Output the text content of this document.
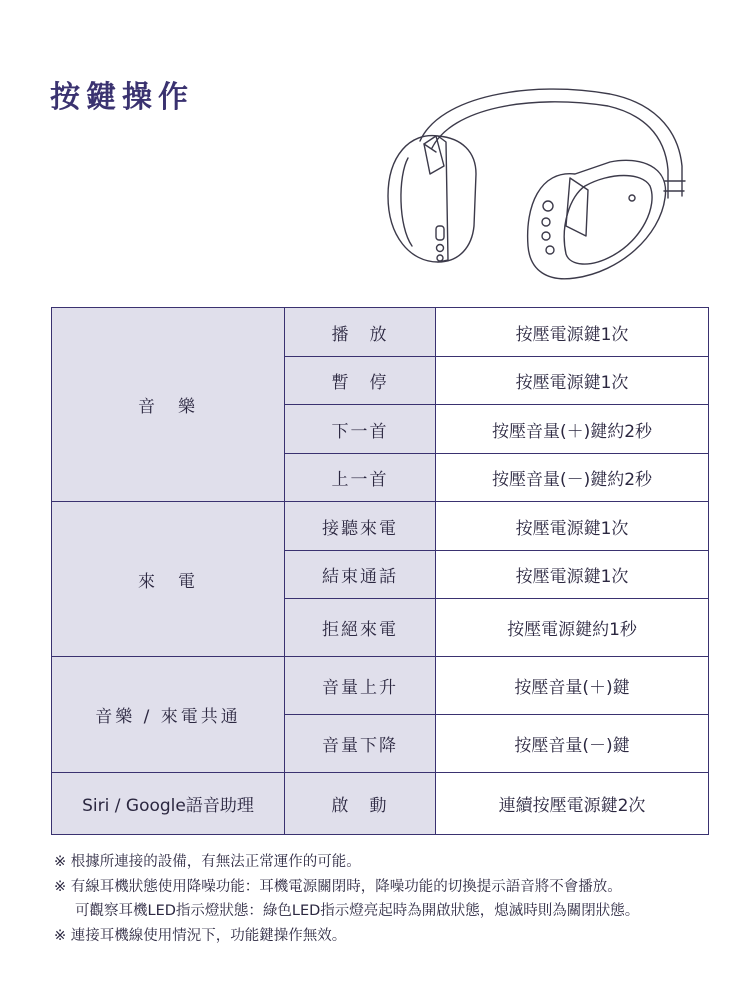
按鍵操作
音　樂	播　放	按壓電源鍵1次
	暫　停	按壓電源鍵1次
	下一首	按壓音量(＋)鍵約2秒
	上一首	按壓音量(－)鍵約2秒
來　電	接聽來電	按壓電源鍵1次
	結束通話	按壓電源鍵1次
	拒絕來電	按壓電源鍵約1秒
音樂 / 來電共通	音量上升	按壓音量(＋)鍵
	音量下降	按壓音量(－)鍵
Siri / Google語音助理	啟　動	連續按壓電源鍵2次
※ 根據所連接的設備，有無法正常運作的可能。
※ 有線耳機狀態使用降噪功能：耳機電源關閉時，降噪功能的切換提示語音將不會播放。
可觀察耳機LED指示燈狀態：綠色LED指示燈亮起時為開啟狀態，熄滅時則為關閉狀態。
※ 連接耳機線使用情況下，功能鍵操作無效。
